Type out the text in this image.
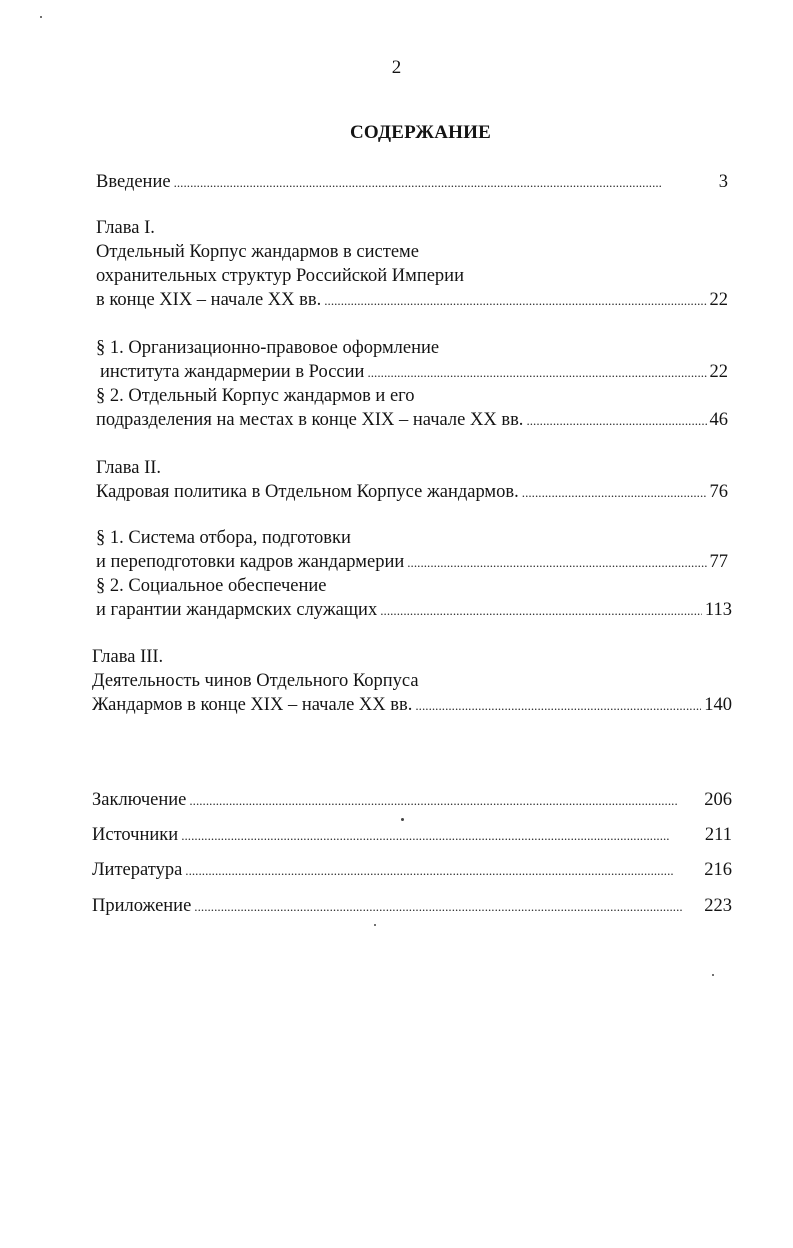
2
СОДЕРЖАНИЕ
Введение . . .	3
Глава I.
Отдельный Корпус жандармов в системе
охранительных структур Российской Империи
в конце XIX – начале XX вв. . . .	22
§ 1. Организационно-правовое оформление
института жандармерии в России . . .	22
§ 2. Отдельный Корпус жандармов и его
подразделения на местах в конце XIX – начале XX вв. . . .	46
Глава II.
Кадровая политика в Отдельном Корпусе жандармов. . . .	76
§ 1. Система отбора, подготовки
и переподготовки кадров жандармерии . . .	77
§ 2. Социальное обеспечение
и гарантии жандармских служащих . . .	113
Глава III.
Деятельность чинов Отдельного Корпуса
Жандармов в конце XIX – начале XX вв. . . .	140
Заключение . . .	206
Источники . . .	211
Литература . . .	216
Приложение . . .	223
